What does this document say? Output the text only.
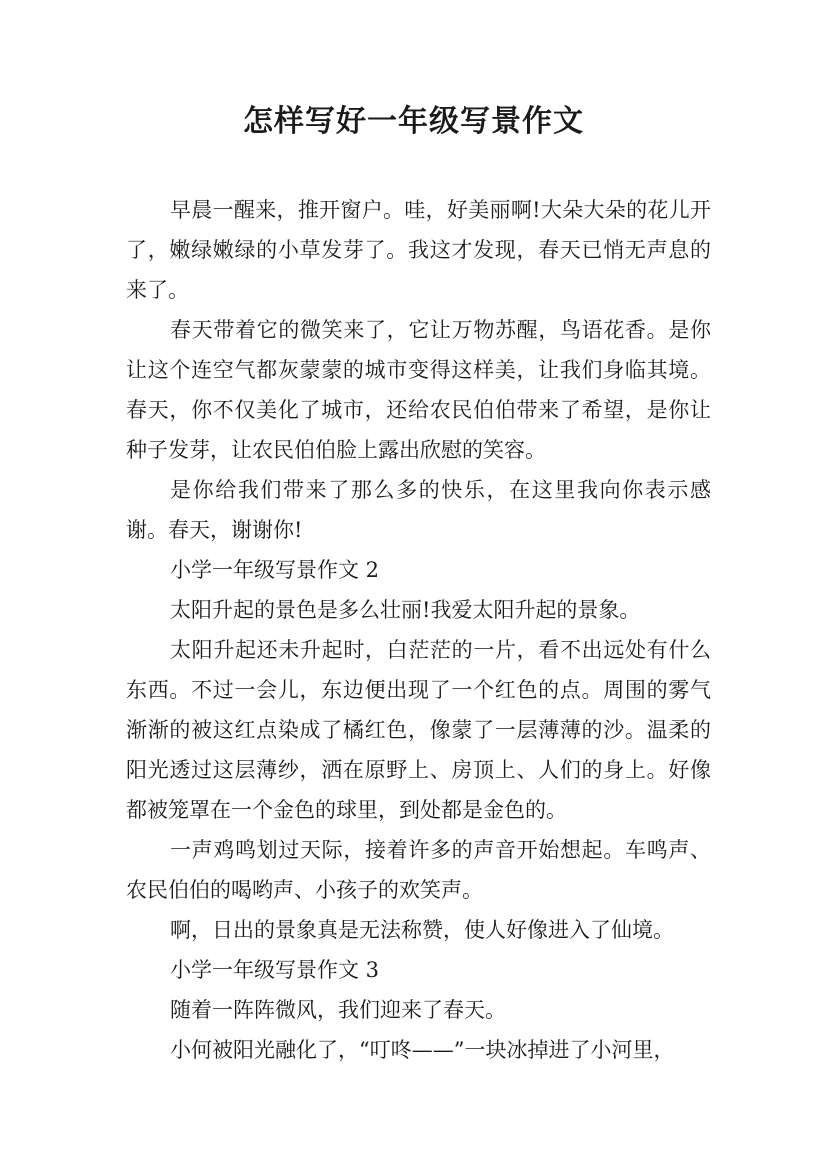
怎样写好一年级写景作文

早晨一醒来，推开窗户。哇，好美丽啊!大朵大朵的花儿开了，嫩绿嫩绿的小草发芽了。我这才发现，春天已悄无声息的来了。

春天带着它的微笑来了，它让万物苏醒，鸟语花香。是你让这个连空气都灰蒙蒙的城市变得这样美，让我们身临其境。春天，你不仅美化了城市，还给农民伯伯带来了希望，是你让种子发芽，让农民伯伯脸上露出欣慰的笑容。

是你给我们带来了那么多的快乐，在这里我向你表示感谢。春天，谢谢你!

小学一年级写景作文 2

太阳升起的景色是多么壮丽!我爱太阳升起的景象。

太阳升起还未升起时，白茫茫的一片，看不出远处有什么东西。不过一会儿，东边便出现了一个红色的点。周围的雾气渐渐的被这红点染成了橘红色，像蒙了一层薄薄的沙。温柔的阳光透过这层薄纱，洒在原野上、房顶上、人们的身上。好像都被笼罩在一个金色的球里，到处都是金色的。

一声鸡鸣划过天际，接着许多的声音开始想起。车鸣声、农民伯伯的喝哟声、小孩子的欢笑声。

啊，日出的景象真是无法称赞，使人好像进入了仙境。

小学一年级写景作文 3

随着一阵阵微风，我们迎来了春天。

小何被阳光融化了，“叮咚——”一块冰掉进了小河里，
